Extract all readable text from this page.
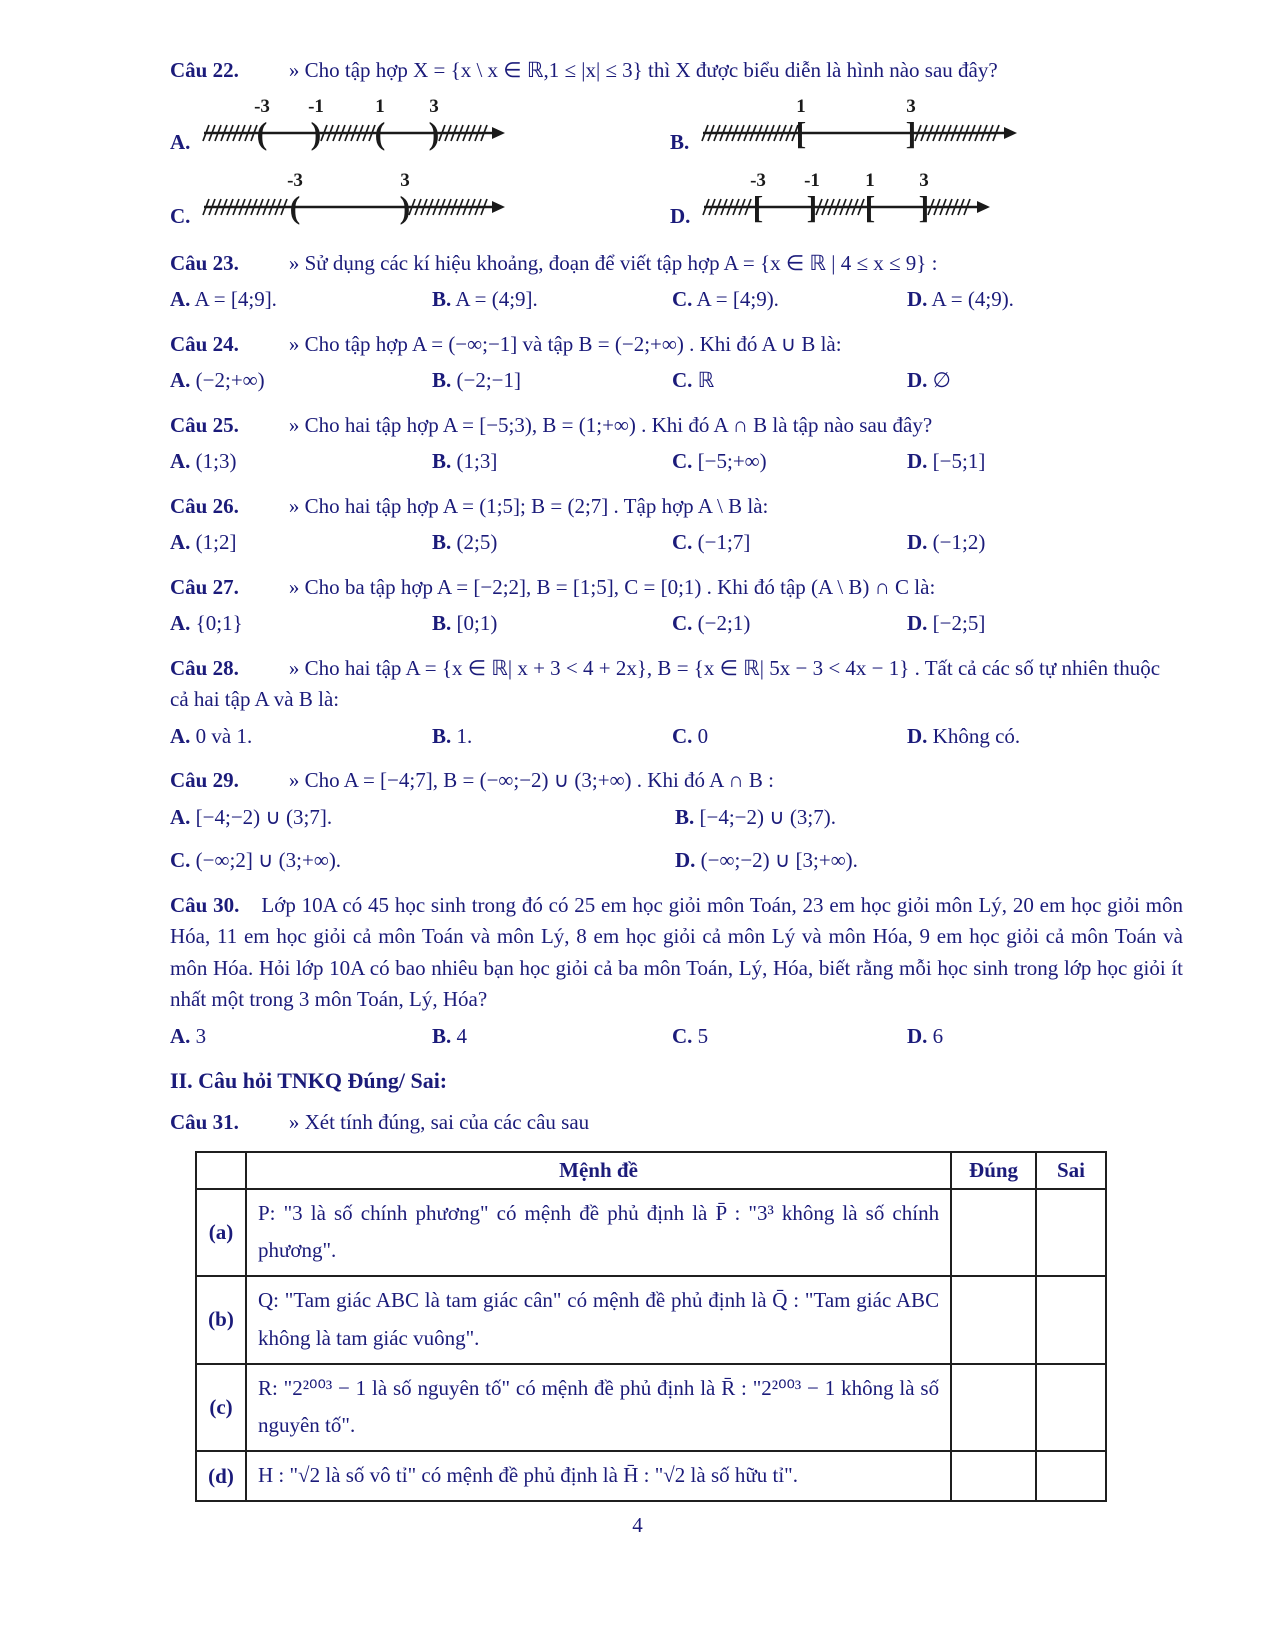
Câu 22. » Cho tập hợp X = {x \ x ∈ ℝ,1 ≤ |x| ≤ 3} thì X được biểu diễn là hình nào sau đây?

A. (
-3
)
-1
(
1
)
3
B.	[
1
]
3
C.	(
-3
)
3
D. [
-3
]
-1
[
1
]
3

Câu 23. » Sử dụng các kí hiệu khoảng, đoạn để viết tập hợp A = {x ∈ ℝ | 4 ≤ x ≤ 9} :

A. A = [4;9].	B. A = (4;9].	C. A = [4;9).	D. A = (4;9).

Câu 24. » Cho tập hợp A = (−∞;−1] và tập B = (−2;+∞) . Khi đó A ∪ B là:

A. (−2;+∞)	B. (−2;−1]	C. ℝ	D. ∅

Câu 25. » Cho hai tập hợp A = [−5;3), B = (1;+∞) . Khi đó A ∩ B là tập nào sau đây?

A. (1;3)	B. (1;3]	C. [−5;+∞)	D. [−5;1]

Câu 26. » Cho hai tập hợp A = (1;5]; B = (2;7] . Tập hợp A \ B là:

A. (1;2]	B. (2;5)	C. (−1;7]	D. (−1;2)

Câu 27. » Cho ba tập hợp A = [−2;2], B = [1;5], C = [0;1) . Khi đó tập (A \ B) ∩ C là:

A. {0;1}	B. [0;1)	C. (−2;1)	D. [−2;5]

Câu 28. » Cho hai tập A = {x ∈ ℝ| x + 3 < 4 + 2x}, B = {x ∈ ℝ| 5x − 3 < 4x − 1} . Tất cả các số tự nhiên thuộc cả hai tập A và B là:

A. 0 và 1.	B. 1.	C. 0	D. Không có.

Câu 29. » Cho A = [−4;7], B = (−∞;−2) ∪ (3;+∞) . Khi đó A ∩ B :

A. [−4;−2) ∪ (3;7].	B. [−4;−2) ∪ (3;7).
C. (−∞;2] ∪ (3;+∞).	D. (−∞;−2) ∪ [3;+∞).

Câu 30. Lớp 10A có 45 học sinh trong đó có 25 em học giỏi môn Toán, 23 em học giỏi môn Lý, 20 em học giỏi môn Hóa, 11 em học giỏi cả môn Toán và môn Lý, 8 em học giỏi cả môn Lý và môn Hóa, 9 em học giỏi cả môn Toán và môn Hóa. Hỏi lớp 10A có bao nhiêu bạn học giỏi cả ba môn Toán, Lý, Hóa, biết rằng mỗi học sinh trong lớp học giỏi ít nhất một trong 3 môn Toán, Lý, Hóa?

A. 3	B. 4	C. 5	D. 6

II. Câu hỏi TNKQ Đúng/ Sai:

Câu 31. » Xét tính đúng, sai của các câu sau

	Mệnh đề	Đúng	Sai
(a)	P: "3 là số chính phương" có mệnh đề phủ định là P̄ : "3³ không là số chính phương".		
(b)	Q: "Tam giác ABC là tam giác cân" có mệnh đề phủ định là Q̄ : "Tam giác ABC không là tam giác vuông".		
(c)	R: "2²⁰⁰³ − 1 là số nguyên tố" có mệnh đề phủ định là R̄ : "2²⁰⁰³ − 1 không là số nguyên tố".		
(d)	H : "√2 là số vô tỉ" có mệnh đề phủ định là H̄ : "√2 là số hữu tỉ".		
4
